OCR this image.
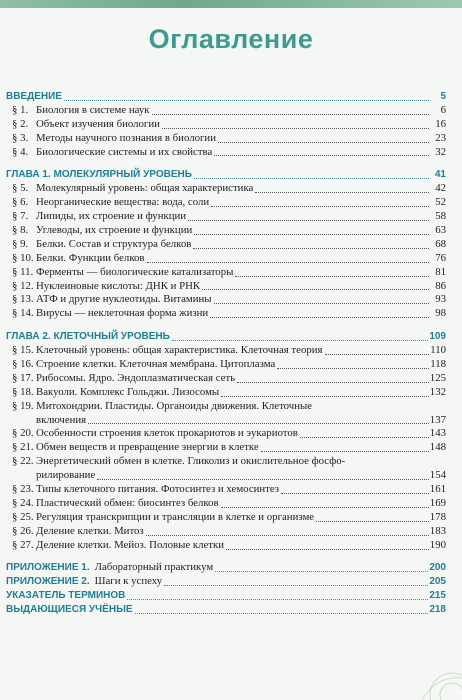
Оглавление
ВВЕДЕНИЕ	5
§ 1. Биология в системе наук	6
§ 2. Объект изучения биологии	16
§ 3. Методы научного познания в биологии	23
§ 4. Биологические системы и их свойства	32
ГЛАВА 1. МОЛЕКУЛЯРНЫЙ УРОВЕНЬ	41
§ 5. Молекулярный уровень: общая характеристика	42
§ 6. Неорганические вещества: вода, соли	52
§ 7. Липиды, их строение и функции	58
§ 8. Углеводы, их строение и функции	63
§ 9. Белки. Состав и структура белков	68
§ 10. Белки. Функции белков	76
§ 11. Ферменты — биологические катализаторы	81
§ 12. Нуклеиновые кислоты: ДНК и РНК	86
§ 13. АТФ и другие нуклеотиды. Витамины	93
§ 14. Вирусы — неклеточная форма жизни	98
ГЛАВА 2. КЛЕТОЧНЫЙ УРОВЕНЬ	109
§ 15. Клеточный уровень: общая характеристика. Клеточная теория	110
§ 16. Строение клетки. Клеточная мембрана. Цитоплазма	118
§ 17. Рибосомы. Ядро. Эндоплазматическая сеть	125
§ 18. Вакуоли. Комплекс Гольджи. Лизосомы	132
§ 19. Митохондрии. Пластиды. Органоиды движения. Клеточные
включения	137
§ 20. Особенности строения клеток прокариотов и эукариотов	143
§ 21. Обмен веществ и превращение энергии в клетке	148
§ 22. Энергетический обмен в клетке. Гликолиз и окислительное фосфо-
рилирование	154
§ 23. Типы клеточного питания. Фотосинтез и хемосинтез	161
§ 24. Пластический обмен: биосинтез белков	169
§ 25. Регуляция транскрипции и трансляции в клетке и организме	178
§ 26. Деление клетки. Митоз	183
§ 27. Деление клетки. Мейоз. Половые клетки	190
ПРИЛОЖЕНИЕ 1. Лабораторный практикум	200
ПРИЛОЖЕНИЕ 2. Шаги к успеху	205
УКАЗАТЕЛЬ ТЕРМИНОВ	215
ВЫДАЮЩИЕСЯ УЧЁНЫЕ	218
